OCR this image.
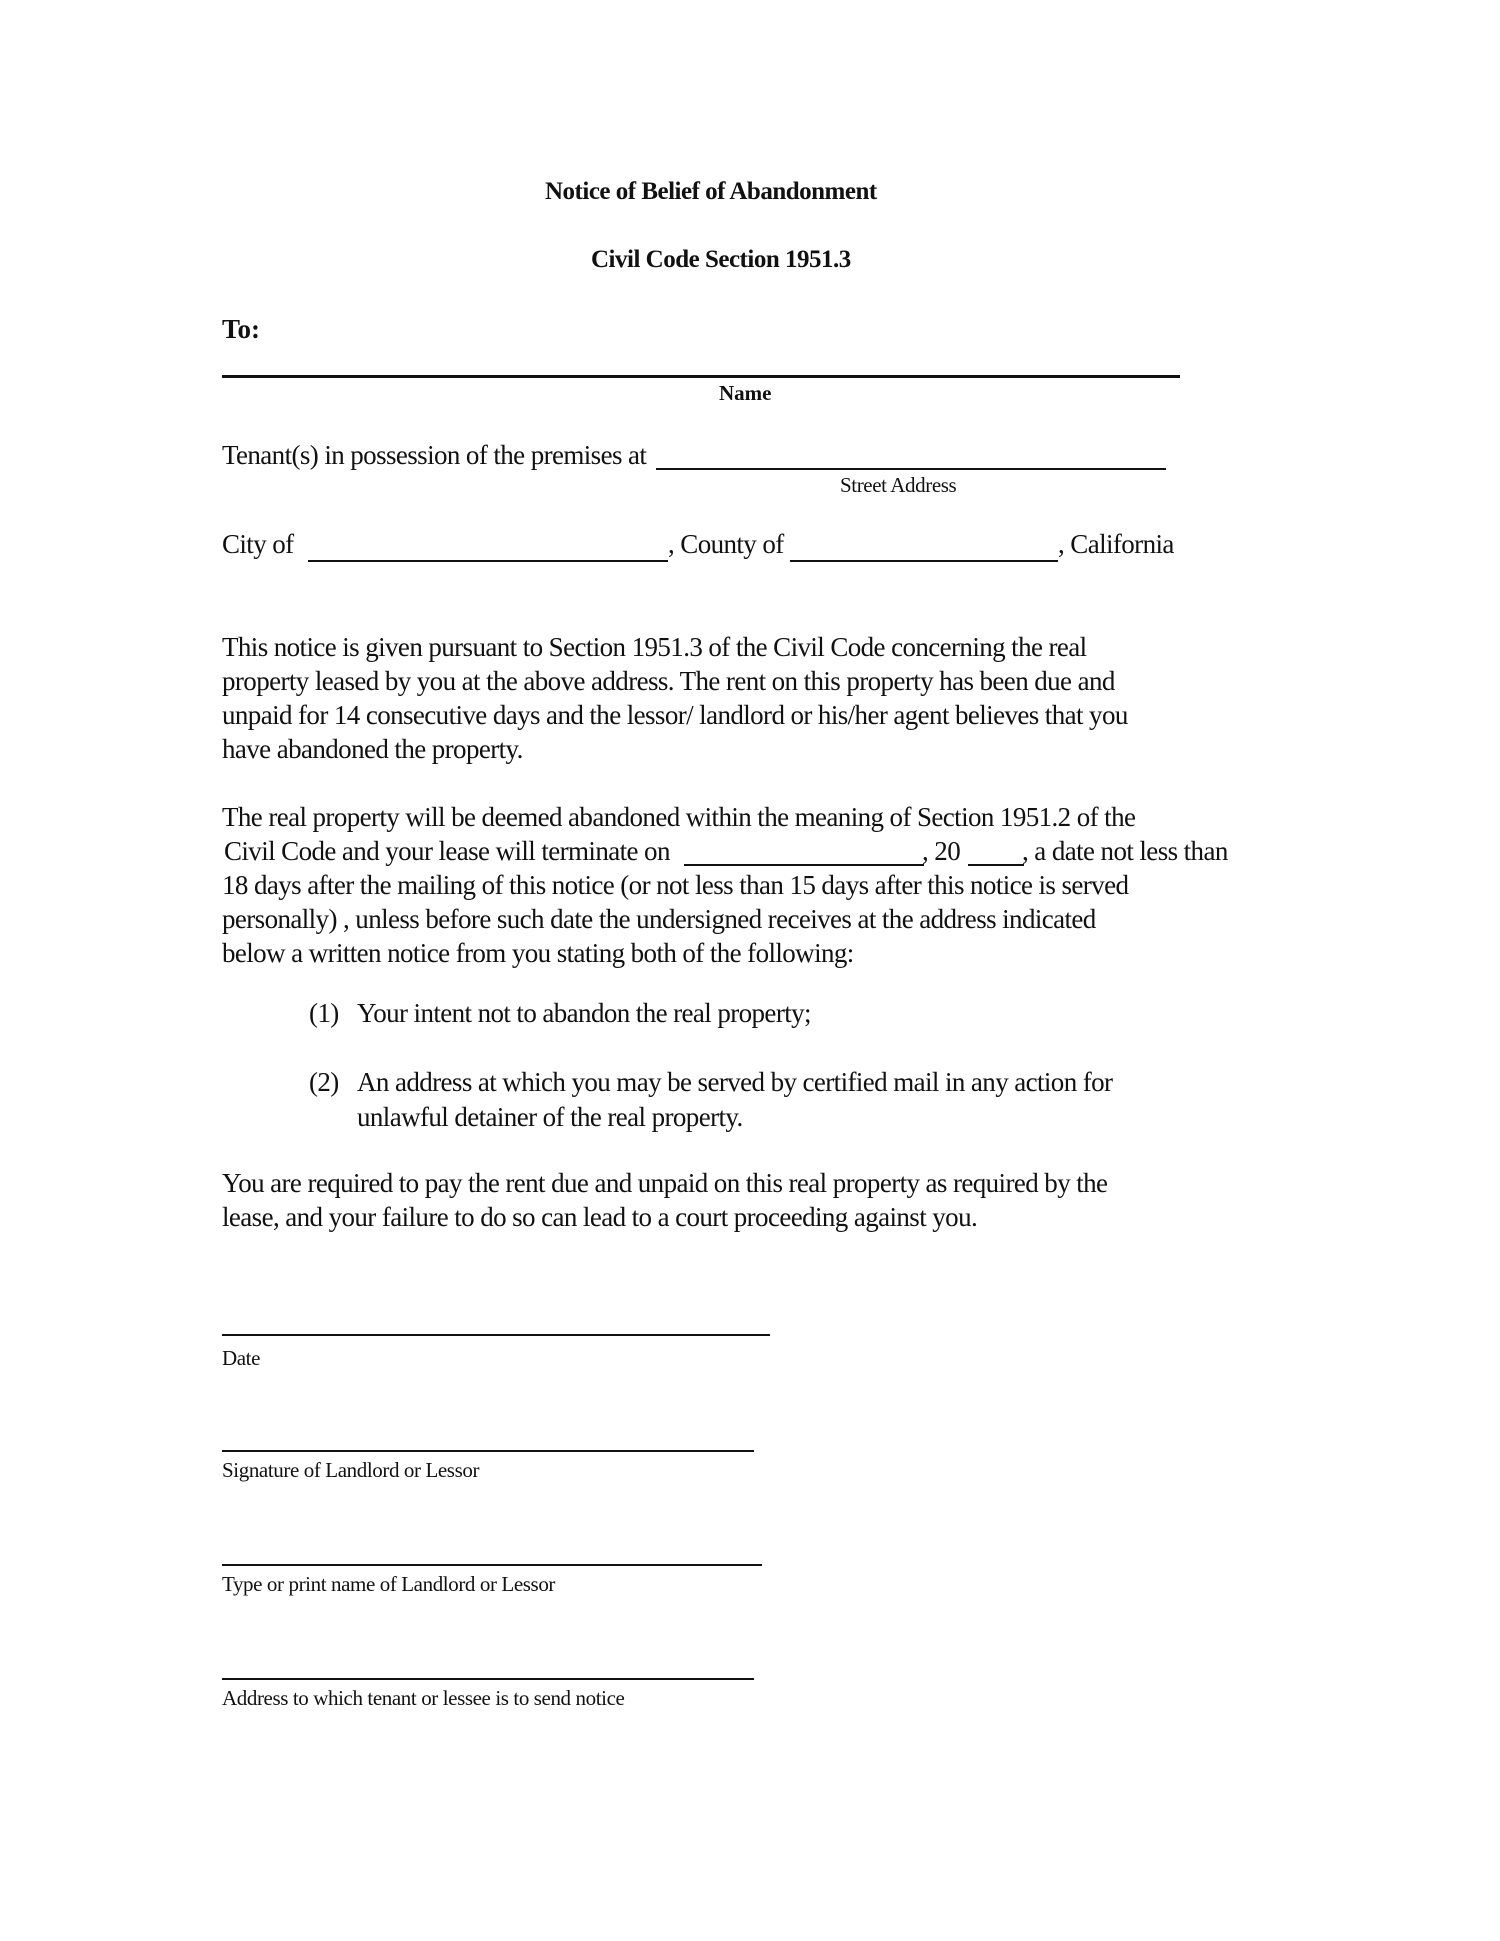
Notice of Belief of Abandonment
Civil Code Section 1951.3
To:
Name
Tenant(s) in possession of the premises at
Street Address
City of	, County of	, California
This notice is given pursuant to Section 1951.3 of the Civil Code concerning the real
property leased by you at the above address. The rent on this property has been due and
unpaid for 14 consecutive days and the lessor/ landlord or his/her agent believes that you
have abandoned the property.
The real property will be deemed abandoned within the meaning of Section 1951.2 of the
Civil Code and your lease will terminate on	, 20 , a date not less than
18 days after the mailing of this notice (or not less than 15 days after this notice is served
personally) , unless before such date the undersigned receives at the address indicated
below a written notice from you stating both of the following:
(1) Your intent not to abandon the real property;
(2) An address at which you may be served by certified mail in any action for
unlawful detainer of the real property.
You are required to pay the rent due and unpaid on this real property as required by the
lease, and your failure to do so can lead to a court proceeding against you.
Date
Signature of Landlord or Lessor
Type or print name of Landlord or Lessor
Address to which tenant or lessee is to send notice
